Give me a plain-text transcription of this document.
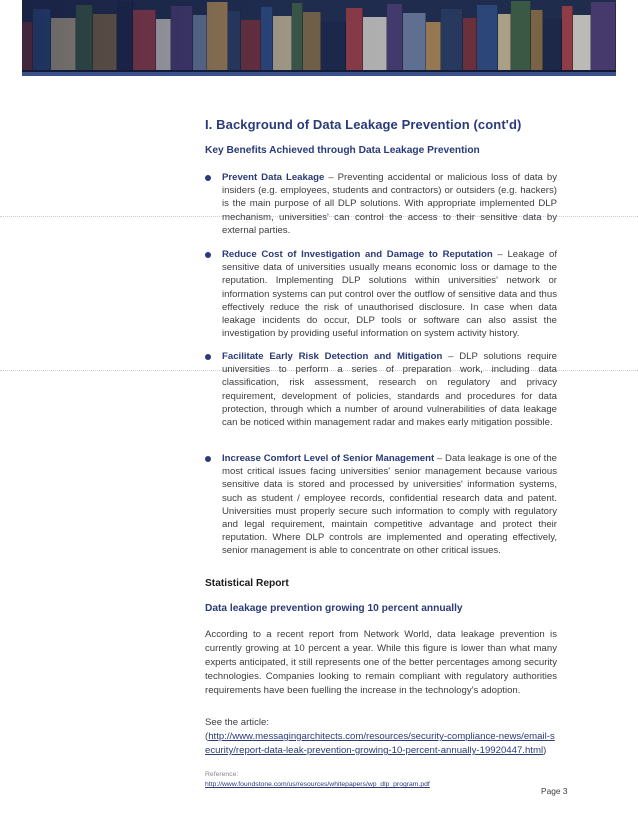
I. Background of Data Leakage Prevention (cont'd)
Key Benefits Achieved through Data Leakage Prevention
Prevent Data Leakage – Preventing accidental or malicious loss of data by insiders (e.g. employees, students and contractors) or outsiders (e.g. hackers) is the main purpose of all DLP solutions. With appropriate implemented DLP mechanism, universities' can control the access to their sensitive data by external parties.
Reduce Cost of Investigation and Damage to Reputation – Leakage of sensitive data of universities usually means economic loss or damage to the reputation. Implementing DLP solutions within universities' network or information systems can put control over the outflow of sensitive data and thus effectively reduce the risk of unauthorised disclosure. In case when data leakage incidents do occur, DLP tools or software can also assist the investigation by providing useful information on system activity history.
Facilitate Early Risk Detection and Mitigation – DLP solutions require universities to perform a series of preparation work, including data classification, risk assessment, research on regulatory and privacy requirement, development of policies, standards and procedures for data protection, through which a number of around vulnerabilities of data leakage can be noticed within management radar and makes early mitigation possible.
Increase Comfort Level of Senior Management – Data leakage is one of the most critical issues facing universities' senior management because various sensitive data is stored and processed by universities' information systems, such as student / employee records, confidential research data and patent. Universities must properly secure such information to comply with regulatory and legal requirement, maintain competitive advantage and protect their reputation. Where DLP controls are implemented and operating effectively, senior management is able to concentrate on other critical issues.
Statistical Report
Data leakage prevention growing 10 percent annually

According to a recent report from Network World, data leakage prevention is currently growing at 10 percent a year. While this figure is lower than what many experts anticipated, it still represents one of the better percentages among security technologies. Companies looking to remain compliant with regulatory authorities requirements have been fuelling the increase in the technology's adoption.

See the article:
(http://www.messagingarchitects.com/resources/security-compliance-news/email-security/report-data-leak-prevention-growing-10-percent-annually-19920447.html)

Reference:
http://www.foundstone.com/us/resources/whitepapers/wp_dlp_program.pdf
Page 3
